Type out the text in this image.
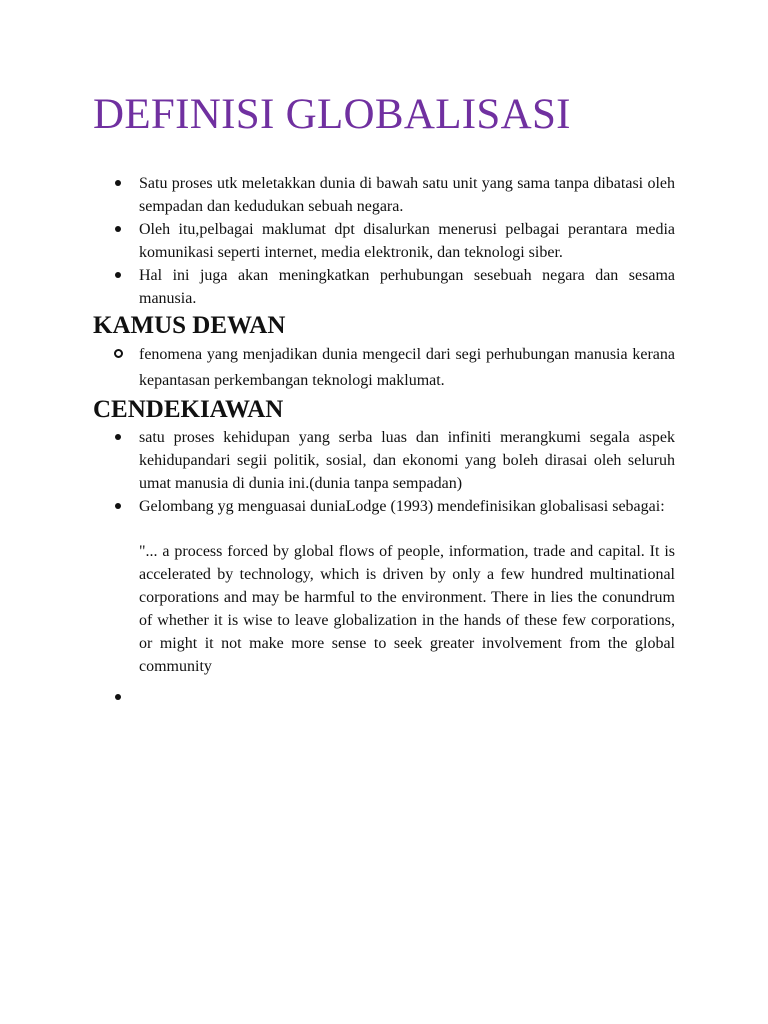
DEFINISI GLOBALISASI
Satu proses utk meletakkan dunia di bawah satu unit yang sama tanpa dibatasi oleh sempadan dan kedudukan sebuah negara.
Oleh itu,pelbagai maklumat dpt disalurkan menerusi pelbagai perantara media komunikasi seperti internet, media elektronik, dan teknologi siber.
Hal ini juga akan meningkatkan perhubungan sesebuah negara dan sesama manusia.
KAMUS DEWAN
fenomena yang menjadikan dunia mengecil dari segi perhubungan manusia kerana kepantasan perkembangan teknologi maklumat.
CENDEKIAWAN
satu proses kehidupan yang serba luas dan infiniti merangkumi segala aspek kehidupandari segii politik, sosial, dan ekonomi yang boleh dirasai oleh seluruh umat manusia di dunia ini.(dunia tanpa sempadan)
Gelombang yg menguasai duniaLodge (1993) mendefinisikan globalisasi sebagai:
"... a process forced by global flows of people, information, trade and capital. It is accelerated by technology, which is driven by only a few hundred multinational corporations and may be harmful to the environment. There in lies the conundrum of whether it is wise to leave globalization in the hands of these few corporations, or might it not make more sense to seek greater involvement from the global community
